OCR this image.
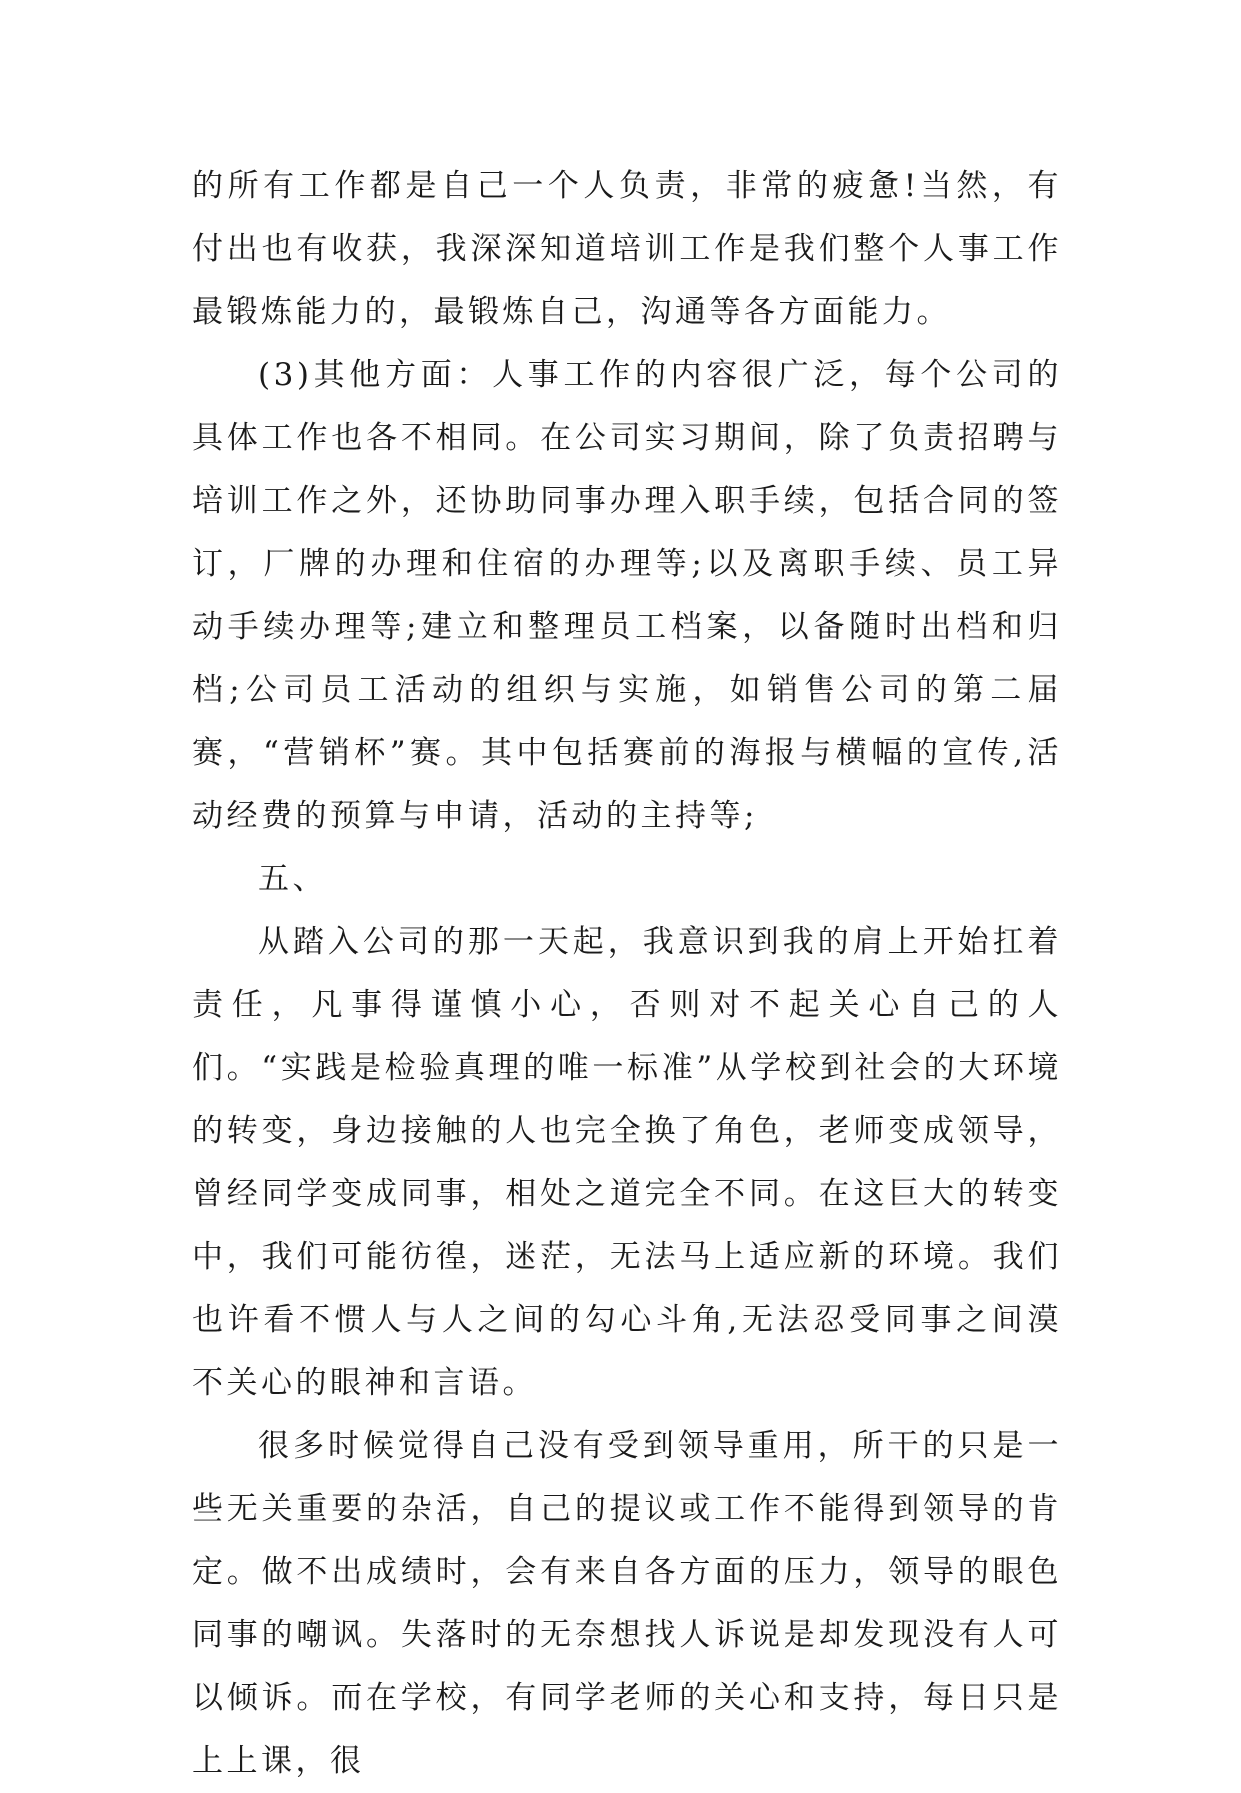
的所有工作都是自己一个人负责，非常的疲惫!当然，有付出也有收获，我深深知道培训工作是我们整个人事工作最锻炼能力的，最锻炼自己，沟通等各方面能力。

(3)其他方面：人事工作的内容很广泛，每个公司的具体工作也各不相同。在公司实习期间，除了负责招聘与培训工作之外，还协助同事办理入职手续，包括合同的签订，厂牌的办理和住宿的办理等;以及离职手续、员工异动手续办理等;建立和整理员工档案，以备随时出档和归档;公司员工活动的组织与实施，如销售公司的第二届赛，“营销杯”赛。其中包括赛前的海报与横幅的宣传,活动经费的预算与申请，活动的主持等;

五、

从踏入公司的那一天起，我意识到我的肩上开始扛着责任，凡事得谨慎小心，否则对不起关心自己的人们。“实践是检验真理的唯一标准”从学校到社会的大环境的转变，身边接触的人也完全换了角色，老师变成领导，曾经同学变成同事，相处之道完全不同。在这巨大的转变中，我们可能彷徨，迷茫，无法马上适应新的环境。我们也许看不惯人与人之间的勾心斗角,无法忍受同事之间漠不关心的眼神和言语。

很多时候觉得自己没有受到领导重用，所干的只是一些无关重要的杂活，自己的提议或工作不能得到领导的肯定。做不出成绩时，会有来自各方面的压力，领导的眼色同事的嘲讽。失落时的无奈想找人诉说是却发现没有人可以倾诉。而在学校，有同学老师的关心和支持，每日只是上上课，很
